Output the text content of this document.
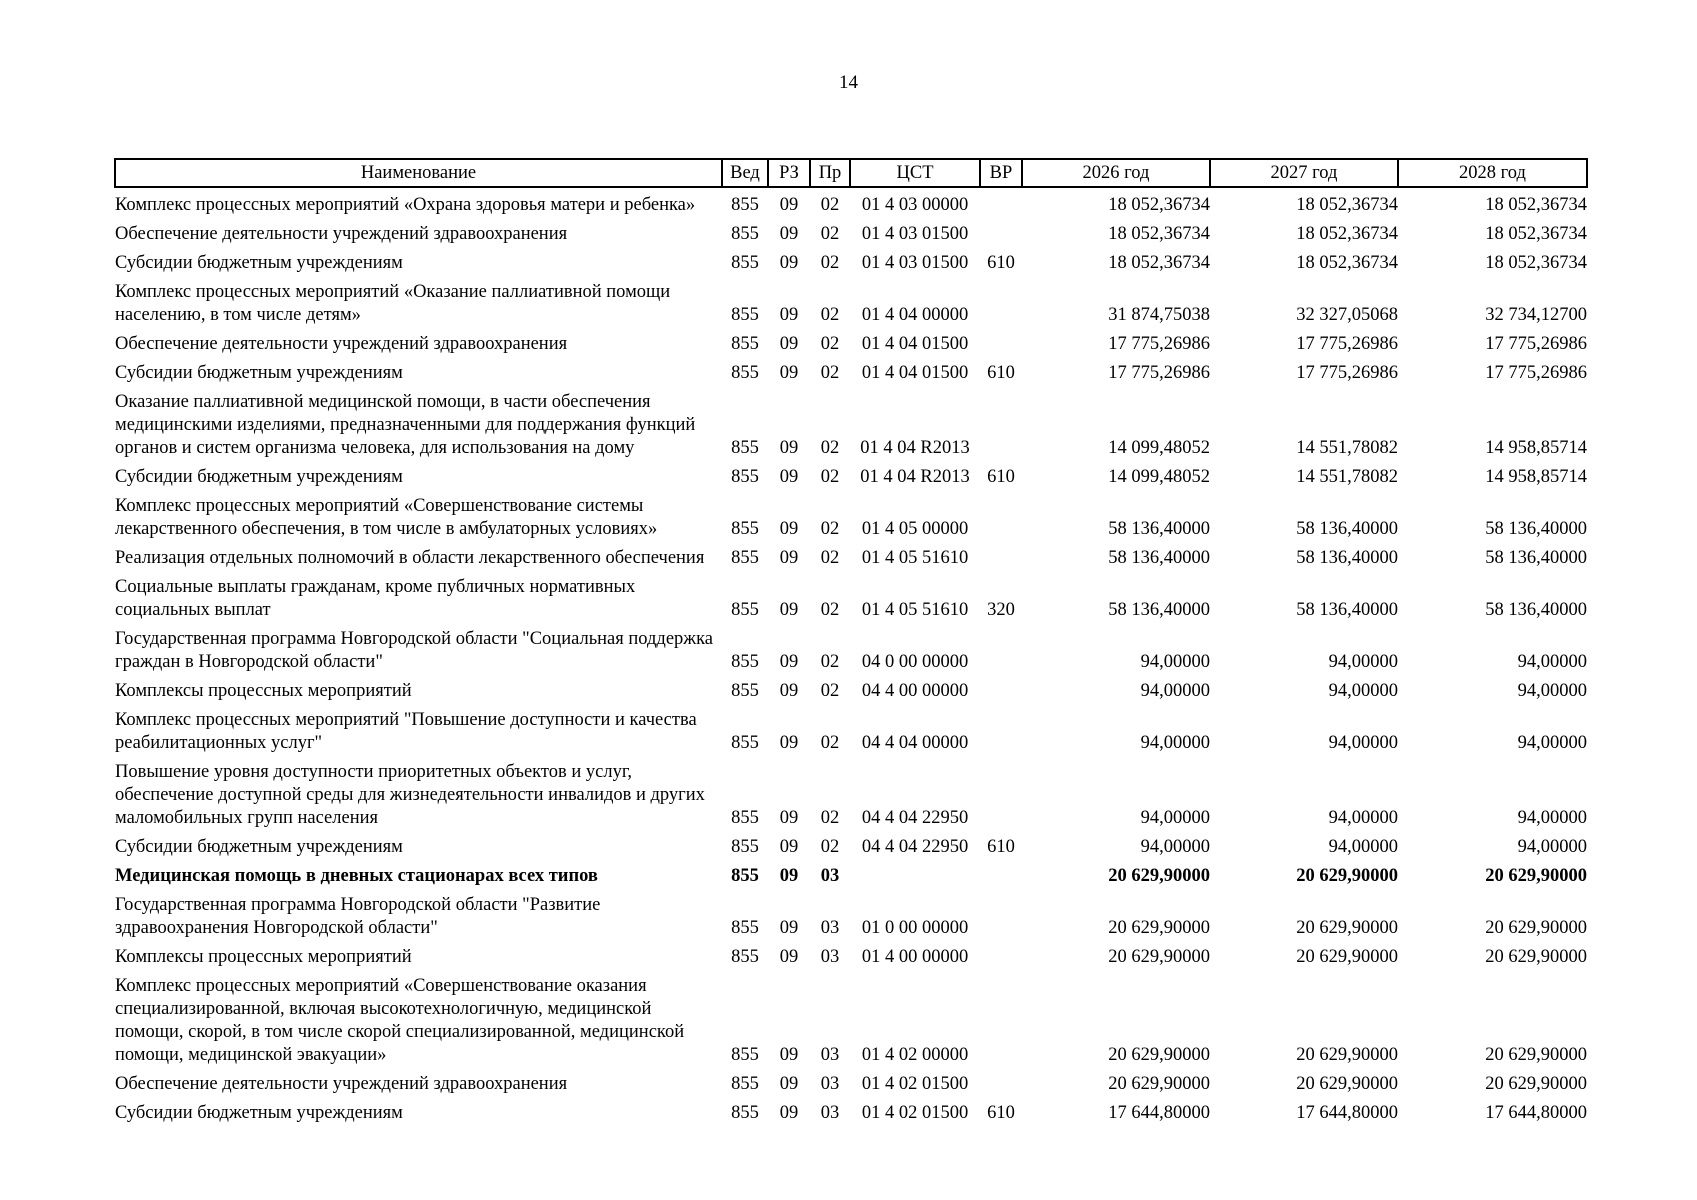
14
Наименование	Вед	РЗ	Пр	ЦСТ	ВР	2026 год	2027 год	2028 год
Комплекс процессных мероприятий «Охрана здоровья матери и ребенка»	855	09	02	01 4 03 00000		18 052,36734	18 052,36734	18 052,36734
Обеспечение деятельности учреждений здравоохранения	855	09	02	01 4 03 01500		18 052,36734	18 052,36734	18 052,36734
Субсидии бюджетным учреждениям	855	09	02	01 4 03 01500	610	18 052,36734	18 052,36734	18 052,36734
Комплекс процессных мероприятий «Оказание паллиативной помощи населению, в том числе детям»	855	09	02	01 4 04 00000		31 874,75038	32 327,05068	32 734,12700
Обеспечение деятельности учреждений здравоохранения	855	09	02	01 4 04 01500		17 775,26986	17 775,26986	17 775,26986
Субсидии бюджетным учреждениям	855	09	02	01 4 04 01500	610	17 775,26986	17 775,26986	17 775,26986
Оказание паллиативной медицинской помощи, в части обеспечения медицинскими изделиями, предназначенными для поддержания функций органов и систем организма человека, для использования на дому	855	09	02	01 4 04 R2013		14 099,48052	14 551,78082	14 958,85714
Субсидии бюджетным учреждениям	855	09	02	01 4 04 R2013	610	14 099,48052	14 551,78082	14 958,85714
Комплекс процессных мероприятий «Совершенствование системы лекарственного обеспечения, в том числе в амбулаторных условиях»	855	09	02	01 4 05 00000		58 136,40000	58 136,40000	58 136,40000
Реализация отдельных полномочий в области лекарственного обеспечения	855	09	02	01 4 05 51610		58 136,40000	58 136,40000	58 136,40000
Социальные выплаты гражданам, кроме публичных нормативных социальных выплат	855	09	02	01 4 05 51610	320	58 136,40000	58 136,40000	58 136,40000
Государственная программа Новгородской области "Социальная поддержка граждан в Новгородской области"	855	09	02	04 0 00 00000		94,00000	94,00000	94,00000
Комплексы процессных мероприятий	855	09	02	04 4 00 00000		94,00000	94,00000	94,00000
Комплекс процессных мероприятий "Повышение доступности и качества реабилитационных услуг"	855	09	02	04 4 04 00000		94,00000	94,00000	94,00000
Повышение уровня доступности приоритетных объектов и услуг, обеспечение доступной среды для жизнедеятельности инвалидов и других маломобильных групп населения	855	09	02	04 4 04 22950		94,00000	94,00000	94,00000
Субсидии бюджетным учреждениям	855	09	02	04 4 04 22950	610	94,00000	94,00000	94,00000
Медицинская помощь в дневных стационарах всех типов	855	09	03			20 629,90000	20 629,90000	20 629,90000
Государственная программа Новгородской области "Развитие здравоохранения Новгородской области"	855	09	03	01 0 00 00000		20 629,90000	20 629,90000	20 629,90000
Комплексы процессных мероприятий	855	09	03	01 4 00 00000		20 629,90000	20 629,90000	20 629,90000
Комплекс процессных мероприятий «Совершенствование оказания специализированной, включая высокотехнологичную, медицинской помощи, скорой, в том числе скорой специализированной, медицинской помощи, медицинской эвакуации»	855	09	03	01 4 02 00000		20 629,90000	20 629,90000	20 629,90000
Обеспечение деятельности учреждений здравоохранения	855	09	03	01 4 02 01500		20 629,90000	20 629,90000	20 629,90000
Субсидии бюджетным учреждениям	855	09	03	01 4 02 01500	610	17 644,80000	17 644,80000	17 644,80000
